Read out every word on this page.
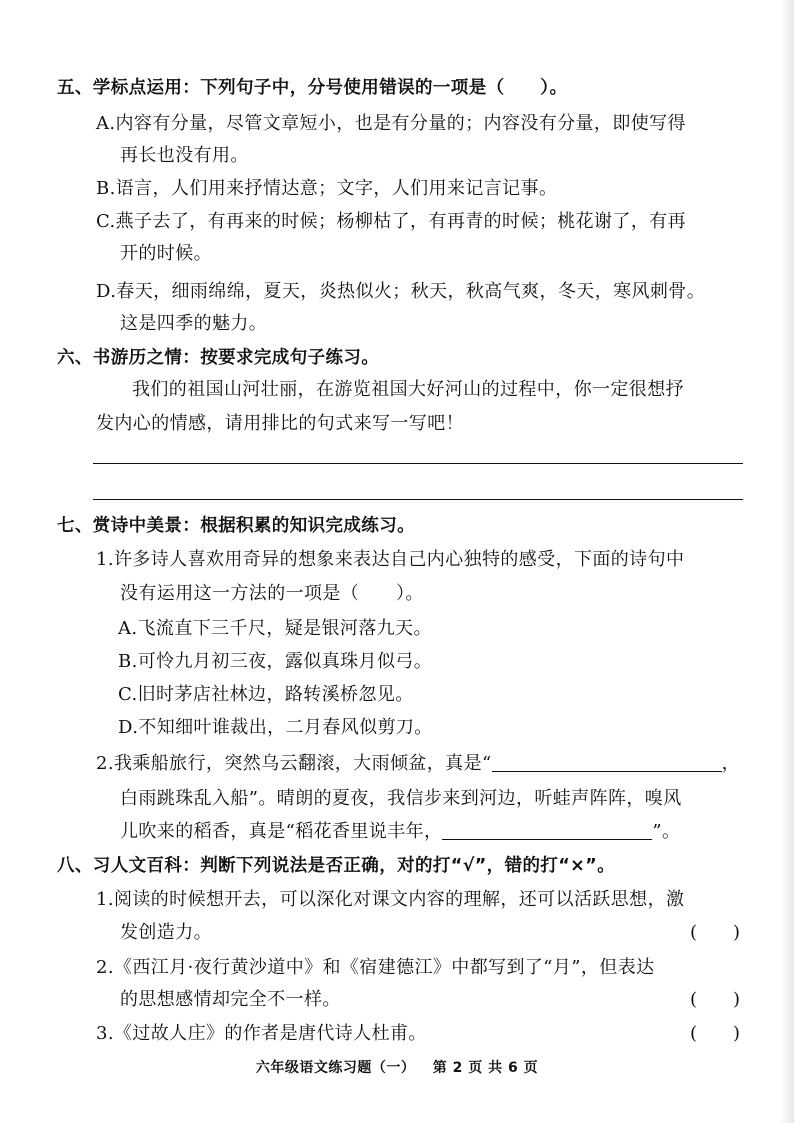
五、学标点运用：下列句子中，分号使用错误的一项是（　　）。
A.内容有分量，尽管文章短小，也是有分量的；内容没有分量，即使写得
再长也没有用。
B.语言，人们用来抒情达意；文字，人们用来记言记事。
C.燕子去了，有再来的时候；杨柳枯了，有再青的时候；桃花谢了，有再
开的时候。
D.春天，细雨绵绵，夏天，炎热似火；秋天，秋高气爽，冬天，寒风刺骨。
这是四季的魅力。
六、书游历之情：按要求完成句子练习。
我们的祖国山河壮丽，在游览祖国大好河山的过程中，你一定很想抒
发内心的情感，请用排比的句式来写一写吧！
七、赏诗中美景：根据积累的知识完成练习。
1.许多诗人喜欢用奇异的想象来表达自己内心独特的感受，下面的诗句中
没有运用这一方法的一项是（　　）。
A.飞流直下三千尺，疑是银河落九天。
B.可怜九月初三夜，露似真珠月似弓。
C.旧时茅店社林边，路转溪桥忽见。
D.不知细叶谁裁出，二月春风似剪刀。
2.我乘船旅行，突然乌云翻滚，大雨倾盆，真是“	，
白雨跳珠乱入船”。晴朗的夏夜，我信步来到河边，听蛙声阵阵，嗅风
儿吹来的稻香，真是“稻花香里说丰年，	”。
八、习人文百科：判断下列说法是否正确，对的打“√”，错的打“×”。
1.阅读的时候想开去，可以深化对课文内容的理解，还可以活跃思想，激
发创造力。	(　　)
2.《西江月·夜行黄沙道中》和《宿建德江》中都写到了“月”，但表达
的思想感情却完全不一样。	(　　)
3.《过故人庄》的作者是唐代诗人杜甫。	(　　)
六年级语文练习题（一） 第 2 页 共 6 页
